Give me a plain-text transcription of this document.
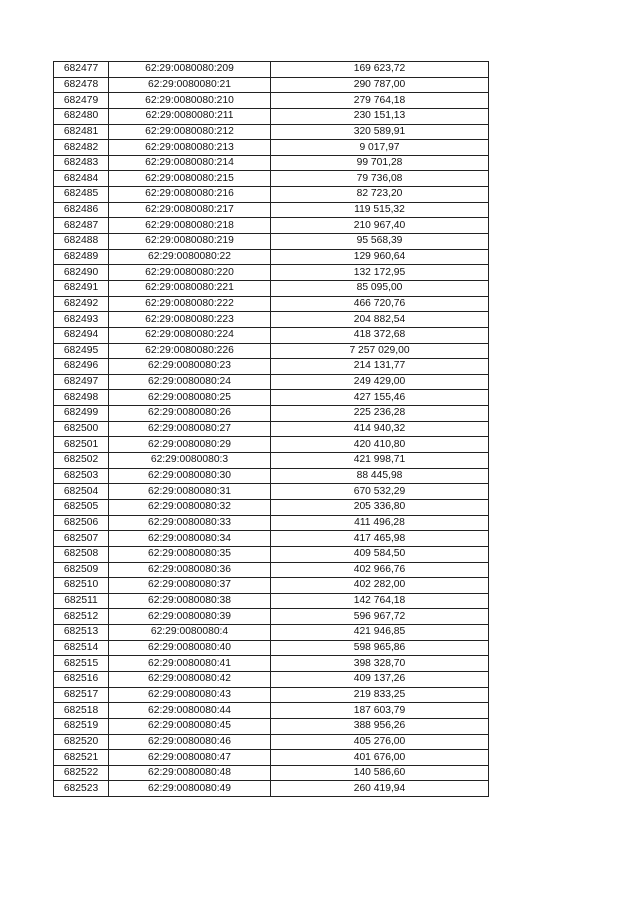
682477	62:29:0080080:209	169 623,72
682478	62:29:0080080:21	290 787,00
682479	62:29:0080080:210	279 764,18
682480	62:29:0080080:211	230 151,13
682481	62:29:0080080:212	320 589,91
682482	62:29:0080080:213	9 017,97
682483	62:29:0080080:214	99 701,28
682484	62:29:0080080:215	79 736,08
682485	62:29:0080080:216	82 723,20
682486	62:29:0080080:217	119 515,32
682487	62:29:0080080:218	210 967,40
682488	62:29:0080080:219	95 568,39
682489	62:29:0080080:22	129 960,64
682490	62:29:0080080:220	132 172,95
682491	62:29:0080080:221	85 095,00
682492	62:29:0080080:222	466 720,76
682493	62:29:0080080:223	204 882,54
682494	62:29:0080080:224	418 372,68
682495	62:29:0080080:226	7 257 029,00
682496	62:29:0080080:23	214 131,77
682497	62:29:0080080:24	249 429,00
682498	62:29:0080080:25	427 155,46
682499	62:29:0080080:26	225 236,28
682500	62:29:0080080:27	414 940,32
682501	62:29:0080080:29	420 410,80
682502	62:29:0080080:3	421 998,71
682503	62:29:0080080:30	88 445,98
682504	62:29:0080080:31	670 532,29
682505	62:29:0080080:32	205 336,80
682506	62:29:0080080:33	411 496,28
682507	62:29:0080080:34	417 465,98
682508	62:29:0080080:35	409 584,50
682509	62:29:0080080:36	402 966,76
682510	62:29:0080080:37	402 282,00
682511	62:29:0080080:38	142 764,18
682512	62:29:0080080:39	596 967,72
682513	62:29:0080080:4	421 946,85
682514	62:29:0080080:40	598 965,86
682515	62:29:0080080:41	398 328,70
682516	62:29:0080080:42	409 137,26
682517	62:29:0080080:43	219 833,25
682518	62:29:0080080:44	187 603,79
682519	62:29:0080080:45	388 956,26
682520	62:29:0080080:46	405 276,00
682521	62:29:0080080:47	401 676,00
682522	62:29:0080080:48	140 586,60
682523	62:29:0080080:49	260 419,94
